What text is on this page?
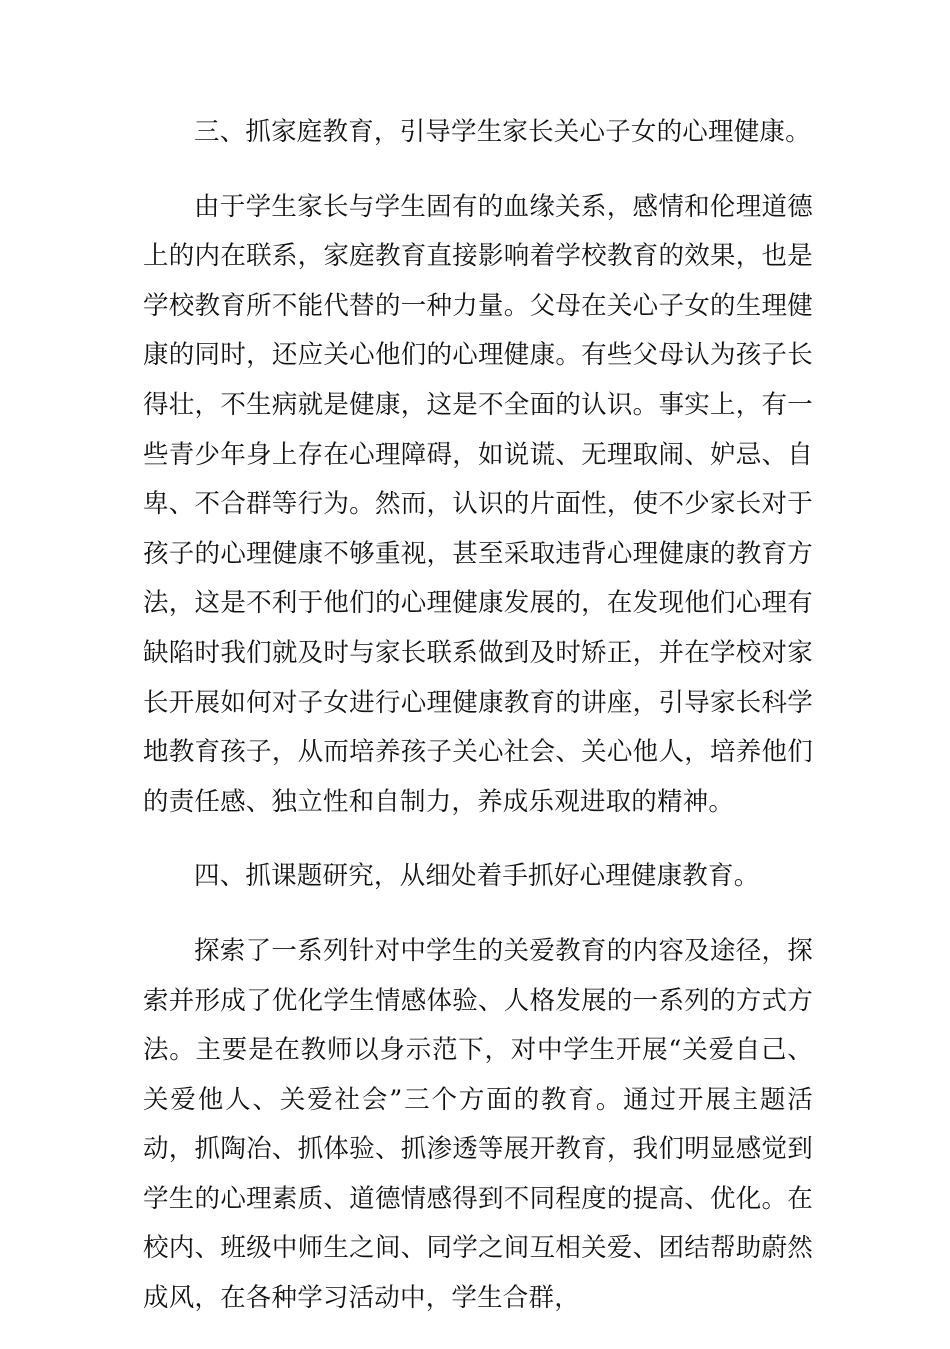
三、抓家庭教育，引导学生家长关心子女的心理健康。

由于学生家长与学生固有的血缘关系，感情和伦理道德上的内在联系，家庭教育直接影响着学校教育的效果，也是学校教育所不能代替的一种力量。父母在关心子女的生理健康的同时，还应关心他们的心理健康。有些父母认为孩子长得壮，不生病就是健康，这是不全面的认识。事实上，有一些青少年身上存在心理障碍，如说谎、无理取闹、妒忌、自卑、不合群等行为。然而，认识的片面性，使不少家长对于孩子的心理健康不够重视，甚至采取违背心理健康的教育方法，这是不利于他们的心理健康发展的，在发现他们心理有缺陷时我们就及时与家长联系做到及时矫正，并在学校对家长开展如何对子女进行心理健康教育的讲座，引导家长科学地教育孩子，从而培养孩子关心社会、关心他人，培养他们的责任感、独立性和自制力，养成乐观进取的精神。

四、抓课题研究，从细处着手抓好心理健康教育。

探索了一系列针对中学生的关爱教育的内容及途径，探索并形成了优化学生情感体验、人格发展的一系列的方式方法。主要是在教师以身示范下，对中学生开展“关爱自己、关爱他人、关爱社会”三个方面的教育。通过开展主题活动，抓陶冶、抓体验、抓渗透等展开教育，我们明显感觉到学生的心理素质、道德情感得到不同程度的提高、优化。在校内、班级中师生之间、同学之间互相关爱、团结帮助蔚然成风，在各种学习活动中，学生合群，
